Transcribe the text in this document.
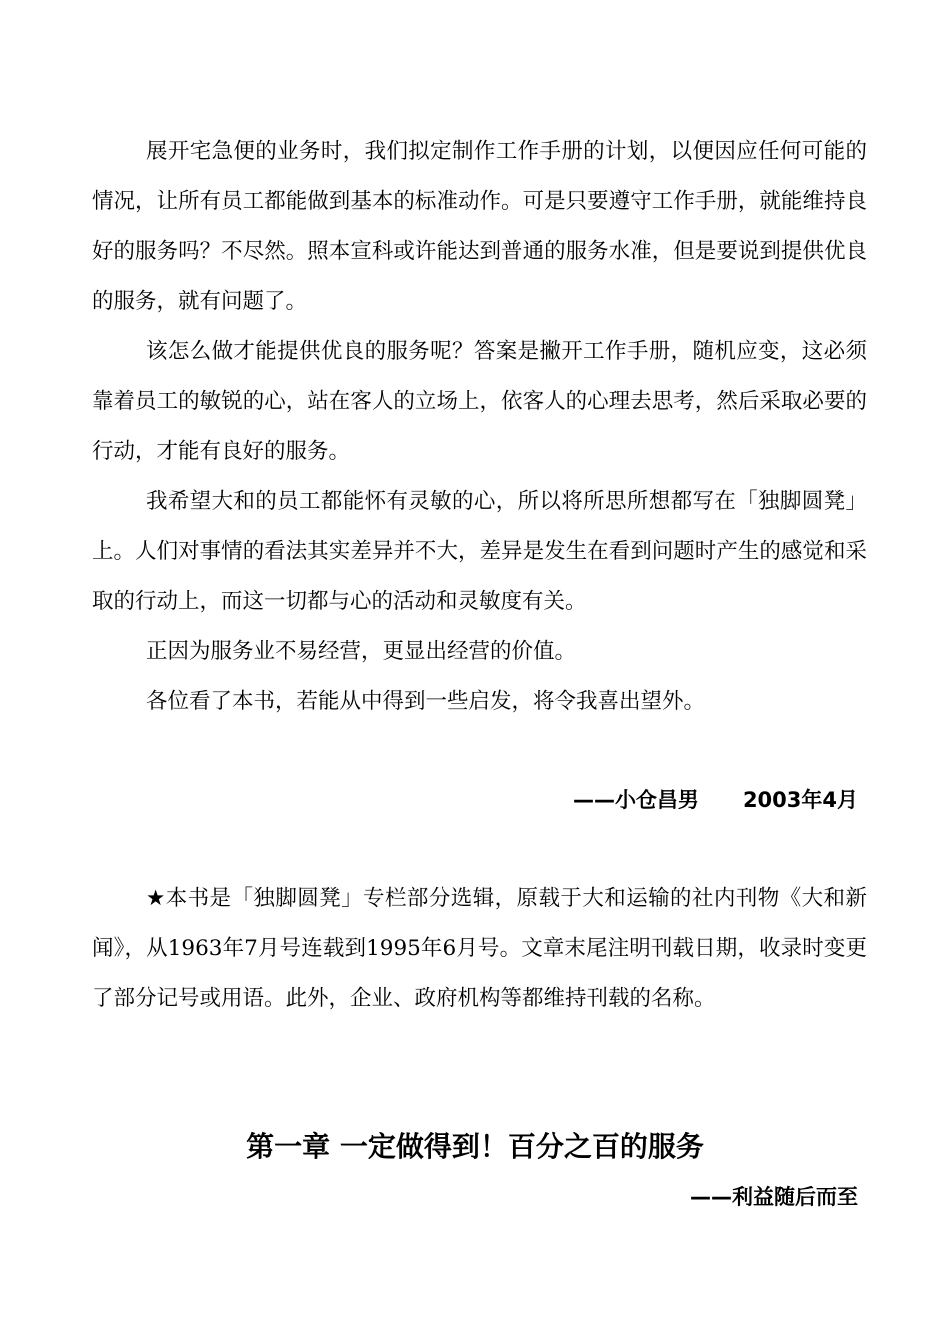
展开宅急便的业务时，我们拟定制作工作手册的计划，以便因应任何可能的情况，让所有员工都能做到基本的标准动作。可是只要遵守工作手册，就能维持良好的服务吗？不尽然。照本宣科或许能达到普通的服务水准，但是要说到提供优良的服务，就有问题了。

该怎么做才能提供优良的服务呢？答案是撇开工作手册，随机应变，这必须靠着员工的敏锐的心，站在客人的立场上，依客人的心理去思考，然后采取必要的行动，才能有良好的服务。

我希望大和的员工都能怀有灵敏的心，所以将所思所想都写在「独脚圆凳」上。人们对事情的看法其实差异并不大，差异是发生在看到问题时产生的感觉和采取的行动上，而这一切都与心的活动和灵敏度有关。

正因为服务业不易经营，更显出经营的价值。

各位看了本书，若能从中得到一些启发，将令我喜出望外。

——小仓昌男 2003年4月

★本书是「独脚圆凳」专栏部分选辑，原载于大和运输的社内刊物《大和新闻》，从1963年7月号连载到1995年6月号。文章末尾注明刊载日期，收录时变更了部分记号或用语。此外，企业、政府机构等都维持刊载的名称。

第一章 一定做得到！百分之百的服务

——利益随后而至
